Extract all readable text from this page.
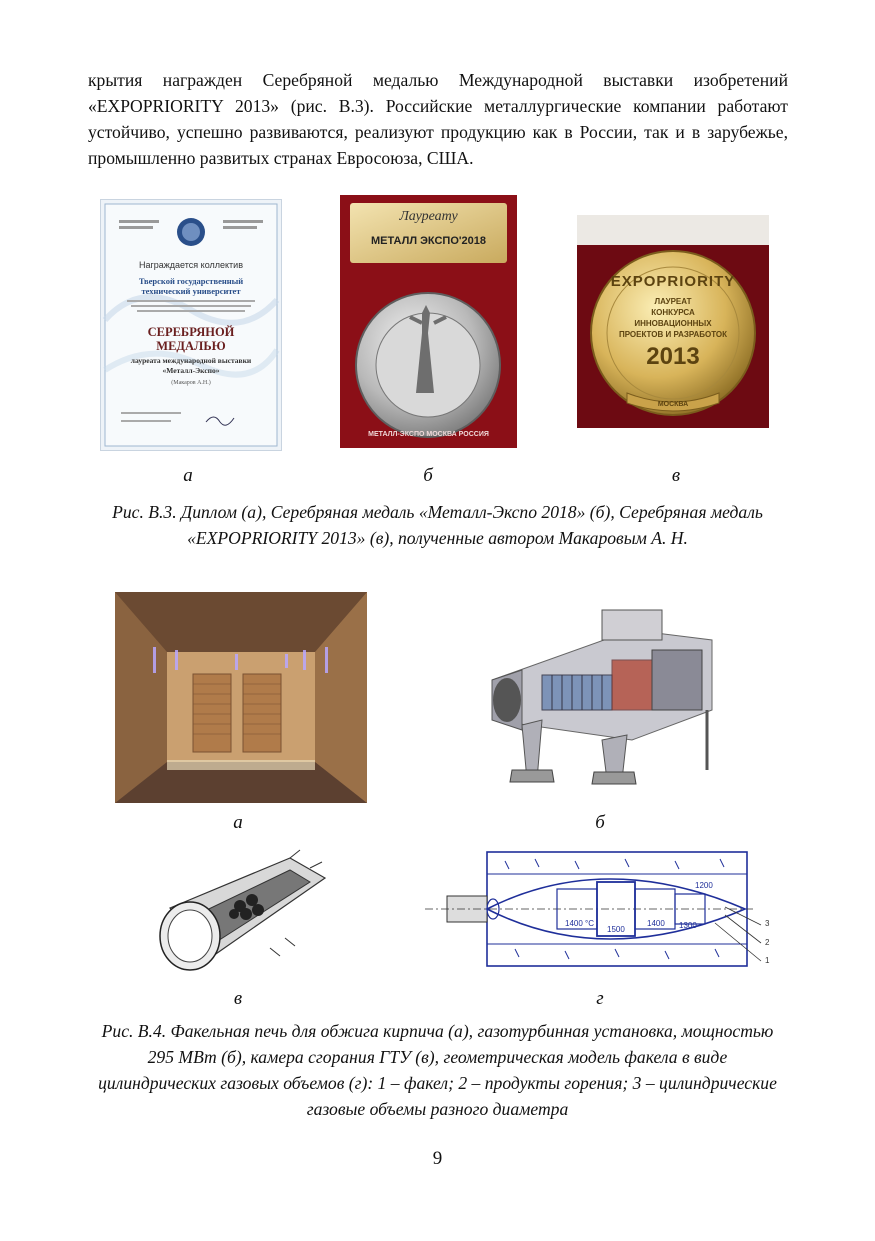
крытия награжден Серебряной медалью Международной выставки изобретений «EXPOPRIORITY 2013» (рис. В.3). Российские металлургические компании работают устойчиво, успешно развиваются, реализуют продукцию как в России, так и в зарубежье, промышленно развитых странах Евросоюза, США.

Награждается коллектив
Тверской государственный технический университет
СЕРЕБРЯНОЙ МЕДАЛЬЮ
лауреата международной выставки
«Металл-Экспо»
(Макаров А.Н.)
Лауреату
МЕТАЛЛ ЭКСПО'2018
МЕТАЛЛ-ЭКСПО МОСКВА РОССИЯ
EXPOPRIORITY
ЛАУРЕАТ
КОНКУРСА
ИННОВАЦИОННЫХ
ПРОЕКТОВ И РАЗРАБОТОК
2013
МОСКВА
а	б	в

Рис. В.3. Диплом (а), Серебряная медаль «Металл-Экспо 2018» (б), Серебряная медаль «EXPOPRIORITY 2013» (в), полученные автором Макаровым А. Н.

а	б
1200
1400 °C
1500
1400 1300	3
2
1
в	г

Рис. В.4. Факельная печь для обжига кирпича (а), газотурбинная установка, мощностью 295 МВт (б), камера сгорания ГТУ (в), геометрическая модель факела в виде цилиндрических газовых объемов (г): 1 – факел; 2 – продукты горения; 3 – цилиндрические газовые объемы разного диаметра

9
